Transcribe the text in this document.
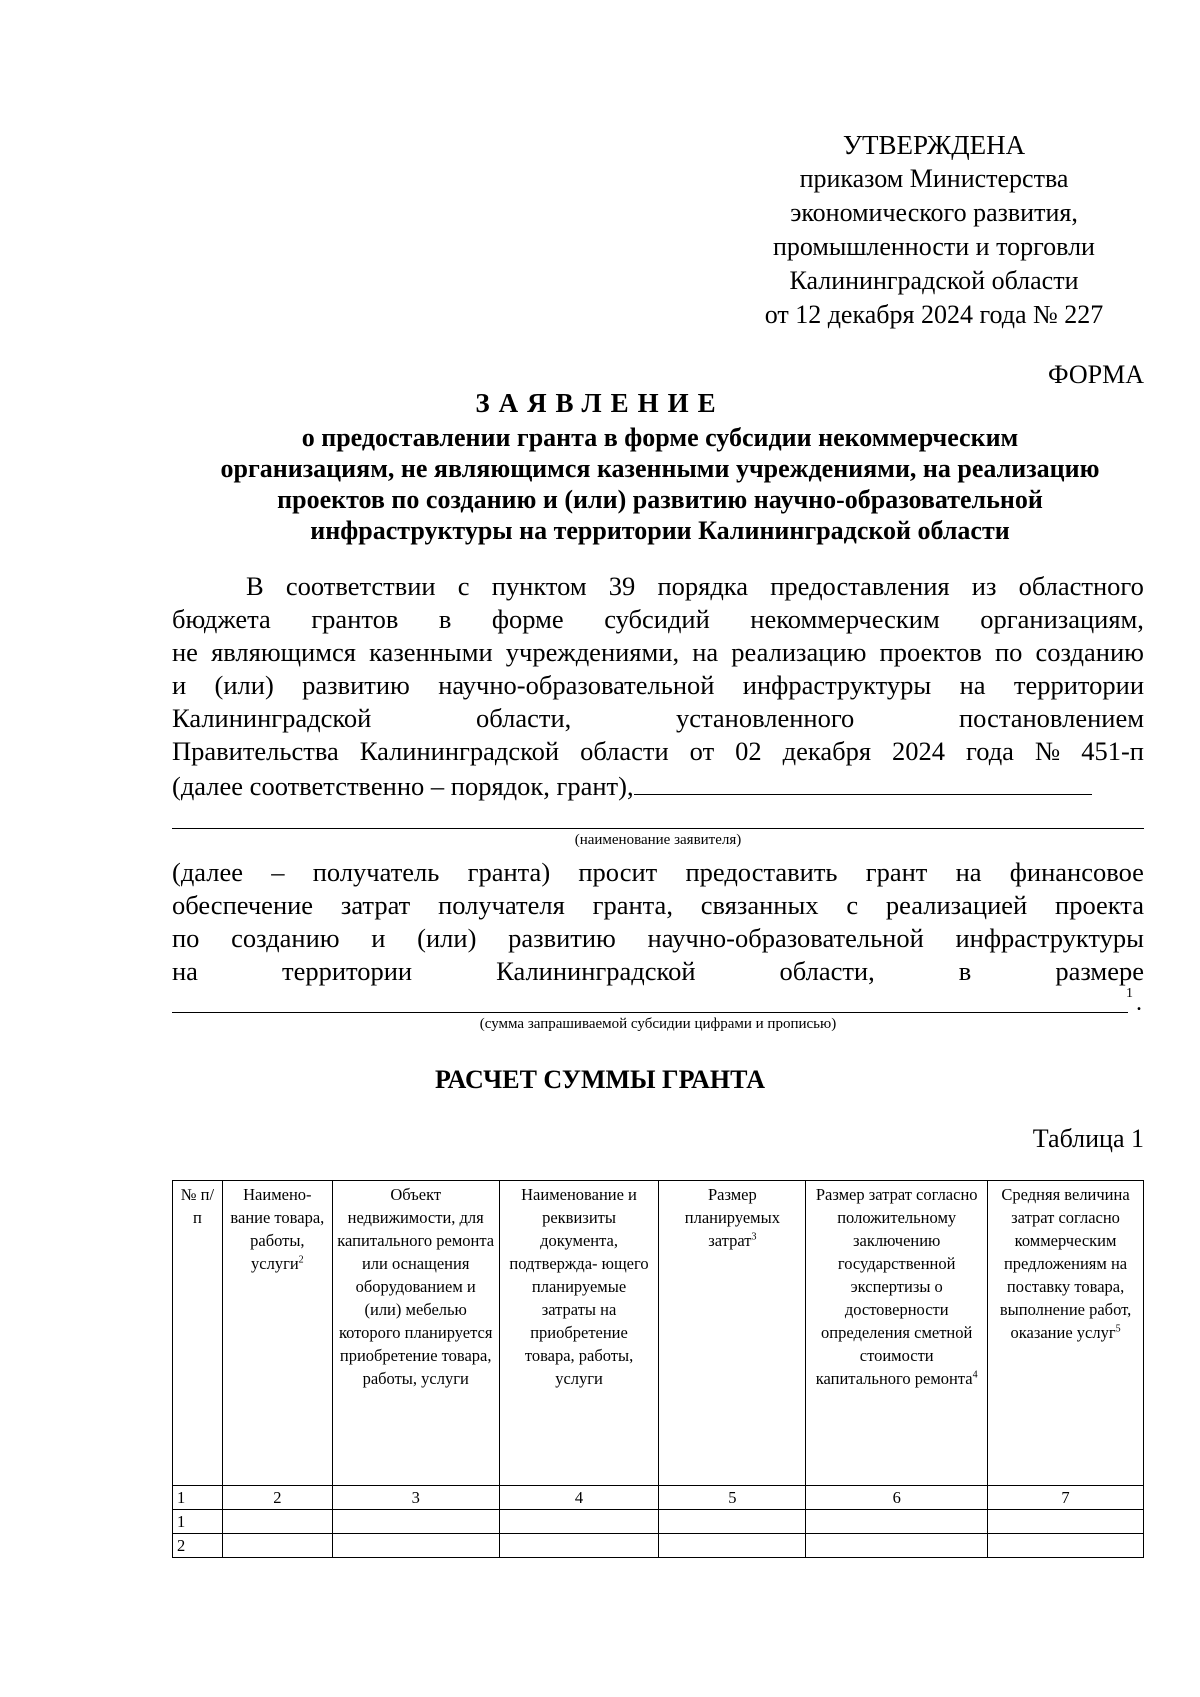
УТВЕРЖДЕНА
приказом Министерства
экономического развития,
промышленности и торговли
Калининградской области
от 12 декабря 2024 года № 227
ФОРМА
ЗАЯВЛЕНИЕ
о предоставлении гранта в форме субсидии некоммерческим
организациям, не являющимся казенными учреждениями, на реализацию
проектов по созданию и (или) развитию научно-образовательной
инфраструктуры на территории Калининградской области
В соответствии с пунктом 39 порядка предоставления из областного
бюджета грантов в форме субсидий некоммерческим организациям,
не являющимся казенными учреждениями, на реализацию проектов по созданию
и (или) развитию научно-образовательной инфраструктуры на территории
Калининградской	области,	установленного	постановлением
Правительства Калининградской области от 02 декабря 2024 года № 451-п
(далее соответственно – порядок, грант),
(наименование заявителя)
(далее – получатель гранта) просит предоставить грант на финансовое
обеспечение затрат получателя гранта, связанных с реализацией проекта
по созданию и (или) развитию научно-образовательной инфраструктуры
на	территории	Калининградской	области,	в	размере
1 .
(сумма запрашиваемой субсидии цифрами и прописью)
РАСЧЕТ СУММЫ ГРАНТА
Таблица 1
№ п/п	Наимено- вание товара, работы, услуги$^2$	Объект недвижимости, для капитального ремонта или оснащения оборудованием и (или) мебелью которого планируется приобретение товара, работы, услуги	Наименование и реквизиты документа, подтвержда- ющего планируемые затраты на приобретение товара, работы, услуги	Размер планируемых затрат$^3$	Размер затрат согласно положительному заключению государственной экспертизы о достоверности определения сметной стоимости капитального ремонта$^4$	Средняя величина затрат согласно коммерческим предложениям на поставку товара, выполнение работ, оказание услуг$^5$
1	2	3	4	5	6	7
1						
2						
